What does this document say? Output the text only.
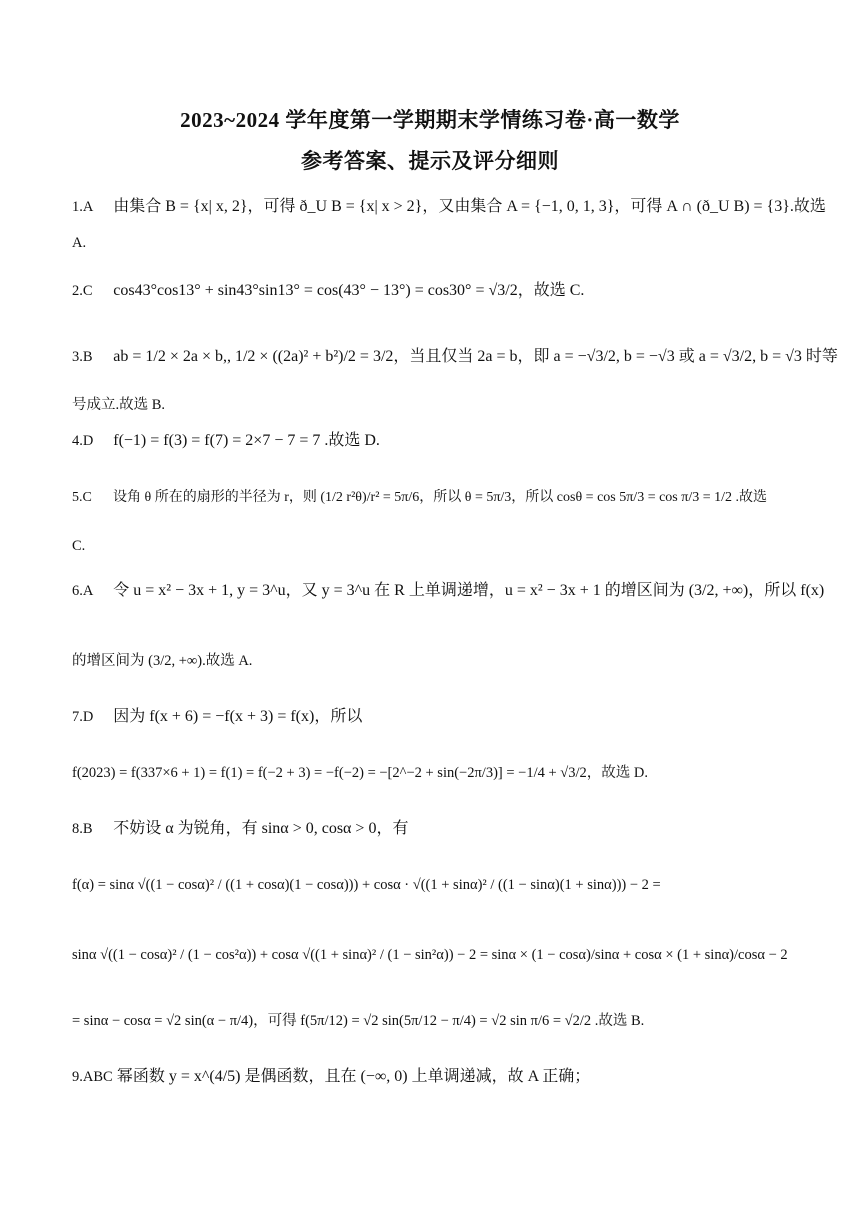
2023~2024 学年度第一学期期末学情练习卷·高一数学
参考答案、提示及评分细则
1.A 由集合 B = {x| x, 2}，可得 ð_U B = {x| x > 2}，又由集合 A = {−1, 0, 1, 3}，可得 A ∩ (ð_U B) = {3}.故选
A.
2.C cos43°cos13° + sin43°sin13° = cos(43° − 13°) = cos30° = √3/2，故选 C.
3.B ab = 1/2 × 2a × b,, 1/2 × ((2a)² + b²)/2 = 3/2，当且仅当 2a = b，即 a = −√3/2, b = −√3 或 a = √3/2, b = √3 时等
号成立.故选 B.
4.D f(−1) = f(3) = f(7) = 2×7 − 7 = 7 .故选 D.
5.C 设角 θ 所在的扇形的半径为 r，则 (1/2 r²θ)/r² = 5π/6，所以 θ = 5π/3，所以 cosθ = cos 5π/3 = cos π/3 = 1/2 .故选
C.
6.A 令 u = x² − 3x + 1, y = 3^u，又 y = 3^u 在 R 上单调递增，u = x² − 3x + 1 的增区间为 (3/2, +∞)，所以 f(x)
的增区间为 (3/2, +∞).故选 A.
7.D 因为 f(x + 6) = −f(x + 3) = f(x)，所以
f(2023) = f(337×6 + 1) = f(1) = f(−2 + 3) = −f(−2) = −[2^−2 + sin(−2π/3)] = −1/4 + √3/2，故选 D.
8.B 不妨设 α 为锐角，有 sinα > 0, cosα > 0，有
f(α) = sinα √((1 − cosα)² / ((1 + cosα)(1 − cosα))) + cosα · √((1 + sinα)² / ((1 − sinα)(1 + sinα))) − 2 =
sinα √((1 − cosα)² / (1 − cos²α)) + cosα √((1 + sinα)² / (1 − sin²α)) − 2 = sinα × (1 − cosα)/sinα + cosα × (1 + sinα)/cosα − 2
= sinα − cosα = √2 sin(α − π/4)，可得 f(5π/12) = √2 sin(5π/12 − π/4) = √2 sin π/6 = √2/2 .故选 B.
9.ABC 幂函数 y = x^(4/5) 是偶函数，且在 (−∞, 0) 上单调递减，故 A 正确；
